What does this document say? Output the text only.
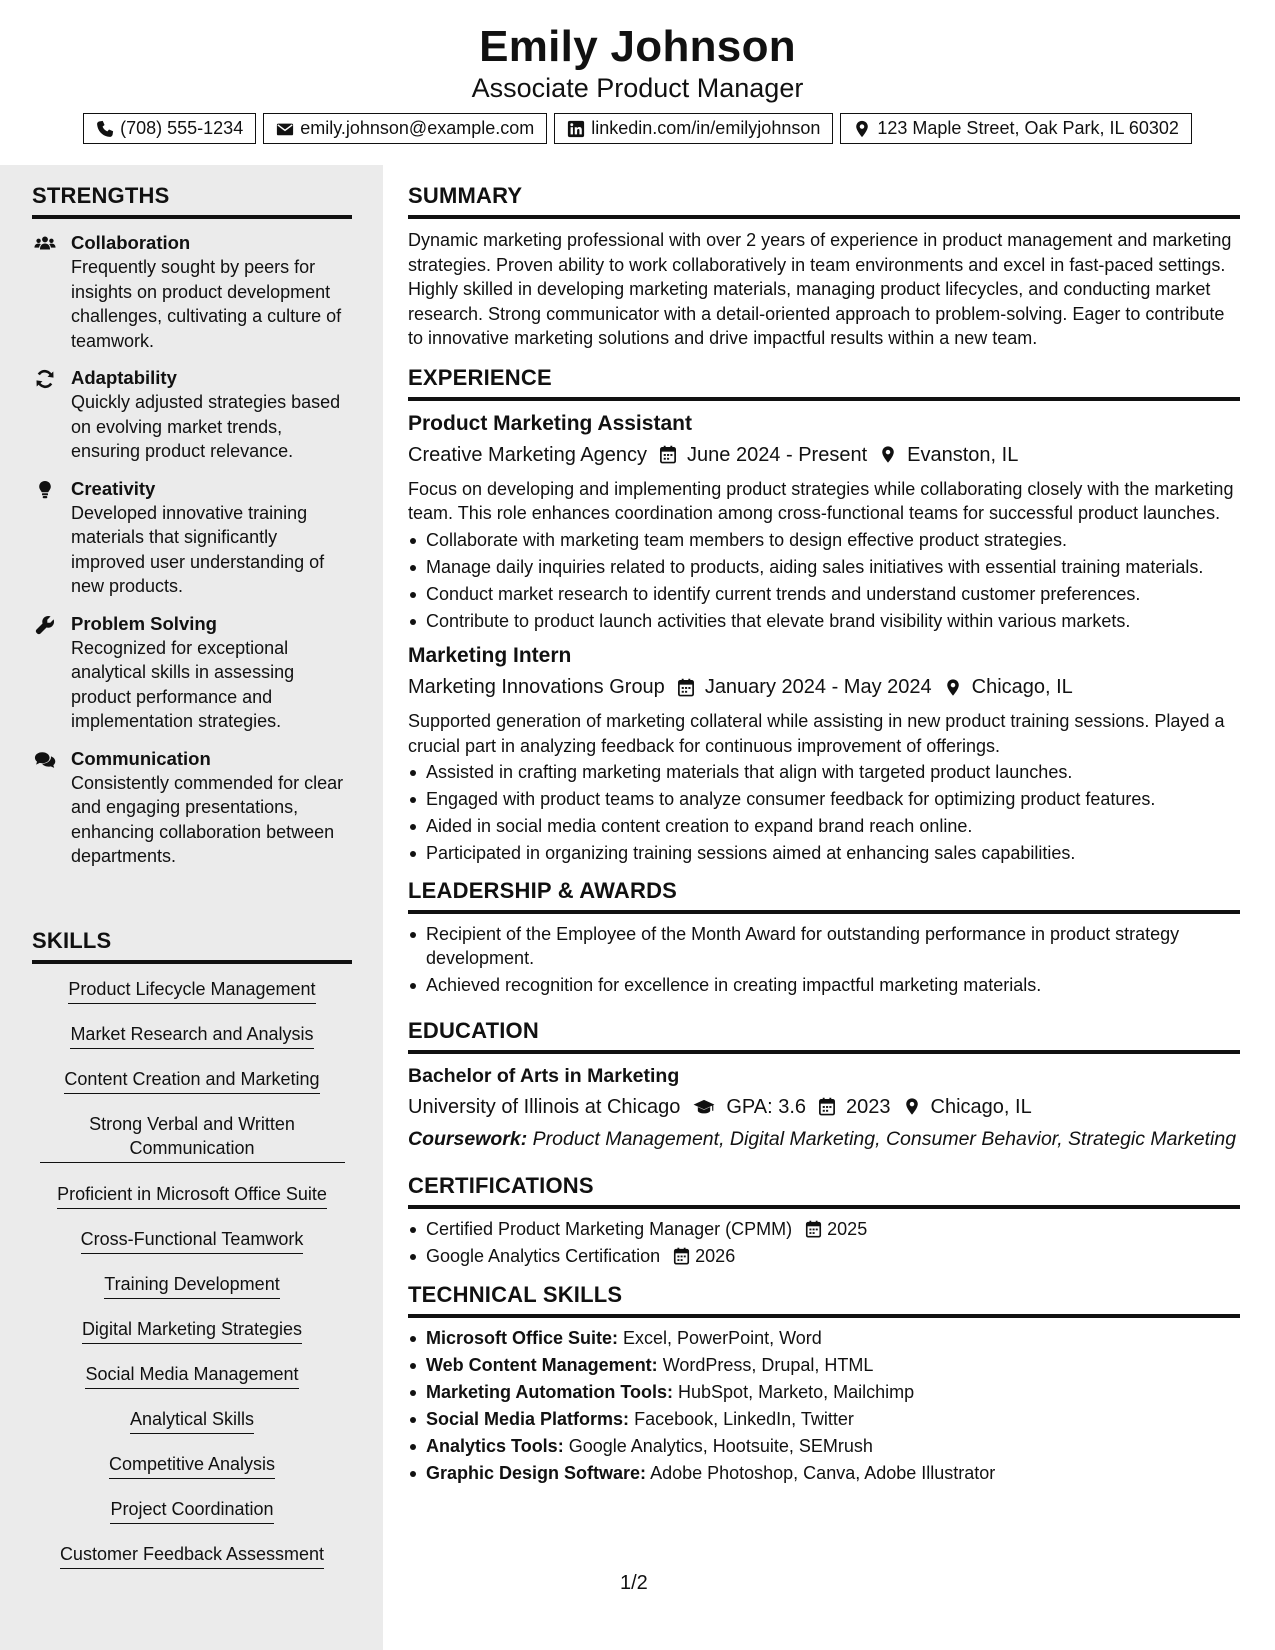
Emily Johnson
Associate Product Manager
(708) 555-1234	emily.johnson@example.com	linkedin.com/in/emilyjohnson	123 Maple Street, Oak Park, IL 60302
STRENGTHS
Collaboration
Frequently sought by peers for insights on product development challenges, cultivating a culture of teamwork.
Adaptability
Quickly adjusted strategies based on evolving market trends, ensuring product relevance.
Creativity
Developed innovative training materials that significantly improved user understanding of new products.
Problem Solving
Recognized for exceptional analytical skills in assessing product performance and implementation strategies.
Communication
Consistently commended for clear and engaging presentations, enhancing collaboration between departments.
SKILLS
Product Lifecycle Management
Market Research and Analysis
Content Creation and Marketing
Strong Verbal and Written Communication
Proficient in Microsoft Office Suite
Cross-Functional Teamwork
Training Development
Digital Marketing Strategies
Social Media Management
Analytical Skills
Competitive Analysis
Project Coordination
Customer Feedback Assessment
SUMMARY

Dynamic marketing professional with over 2 years of experience in product management and marketing strategies. Proven ability to work collaboratively in team environments and excel in fast-paced settings. Highly skilled in developing marketing materials, managing product lifecycles, and conducting market research. Strong communicator with a detail-oriented approach to problem-solving. Eager to contribute to innovative marketing solutions and drive impactful results within a new team.

EXPERIENCE
Product Marketing Assistant
Creative Marketing Agency June 2024 - Present Evanston, IL

Focus on developing and implementing product strategies while collaborating closely with the marketing team. This role enhances coordination among cross-functional teams for successful product launches.

Collaborate with marketing team members to design effective product strategies.
Manage daily inquiries related to products, aiding sales initiatives with essential training materials.
Conduct market research to identify current trends and understand customer preferences.
Contribute to product launch activities that elevate brand visibility within various markets.
Marketing Intern
Marketing Innovations Group January 2024 - May 2024 Chicago, IL

Supported generation of marketing collateral while assisting in new product training sessions. Played a crucial part in analyzing feedback for continuous improvement of offerings.

Assisted in crafting marketing materials that align with targeted product launches.
Engaged with product teams to analyze consumer feedback for optimizing product features.
Aided in social media content creation to expand brand reach online.
Participated in organizing training sessions aimed at enhancing sales capabilities.
LEADERSHIP & AWARDS
Recipient of the Employee of the Month Award for outstanding performance in product strategy development.
Achieved recognition for excellence in creating impactful marketing materials.
EDUCATION
Bachelor of Arts in Marketing
University of Illinois at Chicago GPA: 3.6 2023 Chicago, IL

Coursework: Product Management, Digital Marketing, Consumer Behavior, Strategic Marketing

CERTIFICATIONS
Certified Product Marketing Manager (CPMM) 2025
Google Analytics Certification 2026
TECHNICAL SKILLS
Microsoft Office Suite: Excel, PowerPoint, Word
Web Content Management: WordPress, Drupal, HTML
Marketing Automation Tools: HubSpot, Marketo, Mailchimp
Social Media Platforms: Facebook, LinkedIn, Twitter
Analytics Tools: Google Analytics, Hootsuite, SEMrush
Graphic Design Software: Adobe Photoshop, Canva, Adobe Illustrator
1/2
